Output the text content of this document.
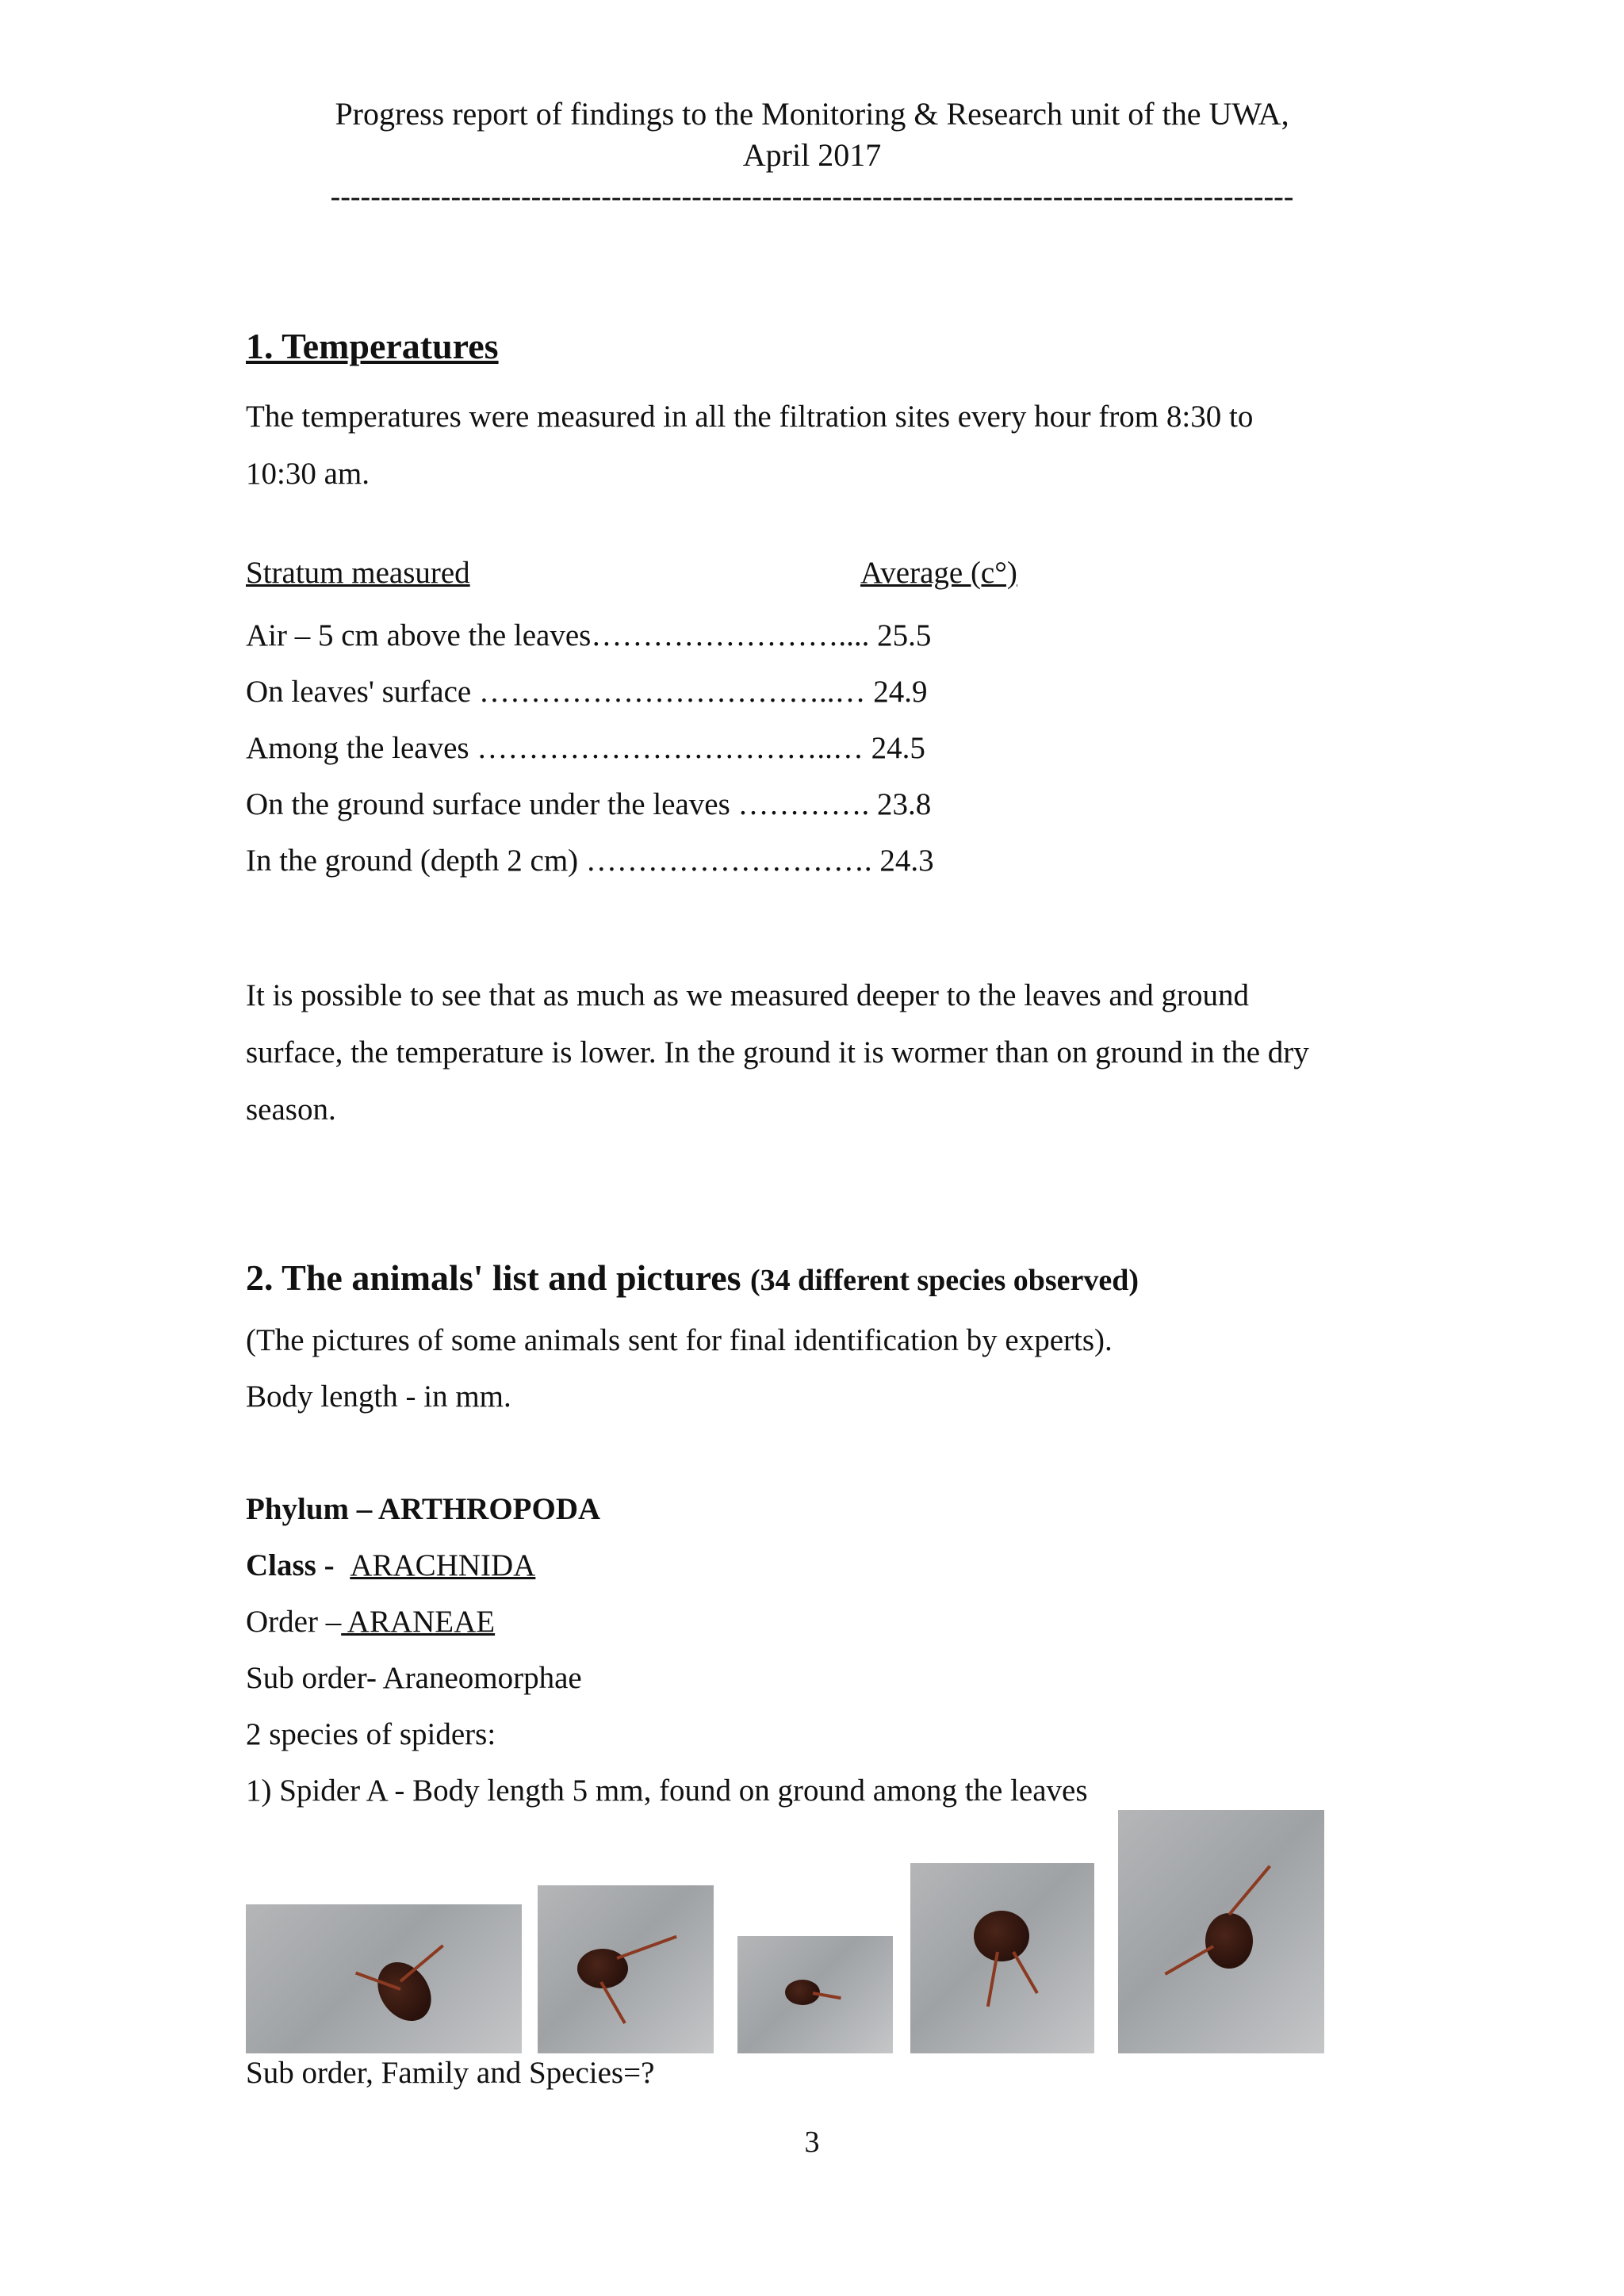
Progress report of findings to the Monitoring & Research unit of the UWA,
April 2017
------------------------------------------------------------------------------------------------
1. Temperatures
The temperatures were measured in all the filtration sites every hour from 8:30 to
10:30 am.
Stratum measured	Average (c°)
Air – 5 cm above the leaves…………………….... 25.5
On leaves' surface ……………………………..… 24.9
Among the leaves ……………………………..… 24.5
On the ground surface under the leaves …………. 23.8
In the ground (depth 2 cm) ………………………. 24.3
It is possible to see that as much as we measured deeper to the leaves and ground
surface, the temperature is lower. In the ground it is wormer than on ground in the dry
season.
2. The animals' list and pictures (34 different species observed)
(The pictures of some animals sent for final identification by experts).
Body length - in mm.
Phylum – ARTHROPODA
Class - ARACHNIDA
Order – ARANEAE
Sub order- Araneomorphae
2 species of spiders:
1) Spider A - Body length 5 mm, found on ground among the leaves
Sub order, Family and Species=?
3
